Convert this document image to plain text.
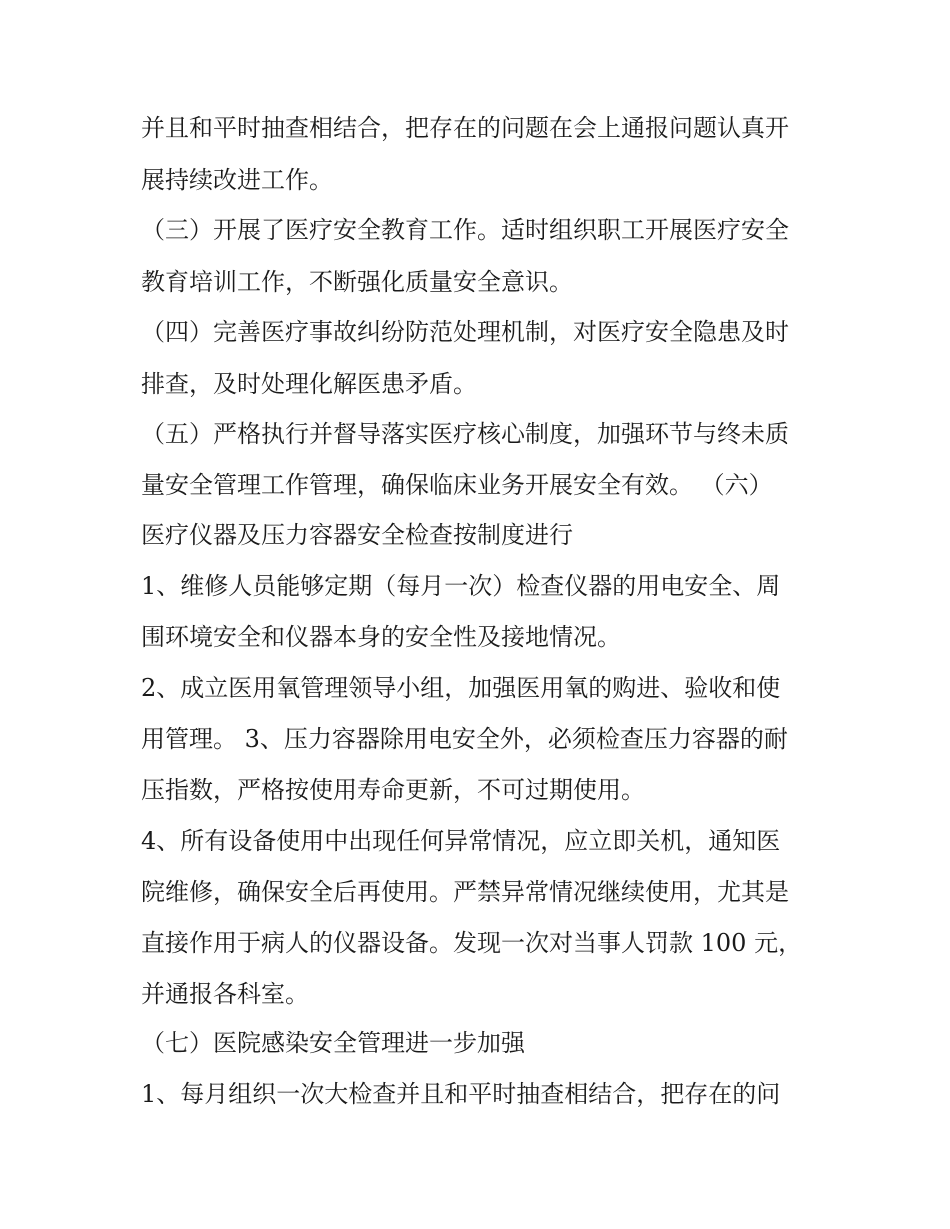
并且和平时抽查相结合，把存在的问题在会上通报问题认真开
展持续改进工作。
（三）开展了医疗安全教育工作。适时组织职工开展医疗安全
教育培训工作，不断强化质量安全意识。
（四）完善医疗事故纠纷防范处理机制，对医疗安全隐患及时
排查，及时处理化解医患矛盾。
（五）严格执行并督导落实医疗核心制度，加强环节与终未质
量安全管理工作管理，确保临床业务开展安全有效。 （六）
医疗仪器及压力容器安全检查按制度进行
1、维修人员能够定期（每月一次）检查仪器的用电安全、周
围环境安全和仪器本身的安全性及接地情况。
2、成立医用氧管理领导小组，加强医用氧的购进、验收和使
用管理。 3、压力容器除用电安全外，必须检查压力容器的耐
压指数，严格按使用寿命更新，不可过期使用。
4、所有设备使用中出现任何异常情况，应立即关机，通知医
院维修，确保安全后再使用。严禁异常情况继续使用，尤其是
直接作用于病人的仪器设备。发现一次对当事人罚款 100 元，
并通报各科室。
（七）医院感染安全管理进一步加强
1、每月组织一次大检查并且和平时抽查相结合，把存在的问
